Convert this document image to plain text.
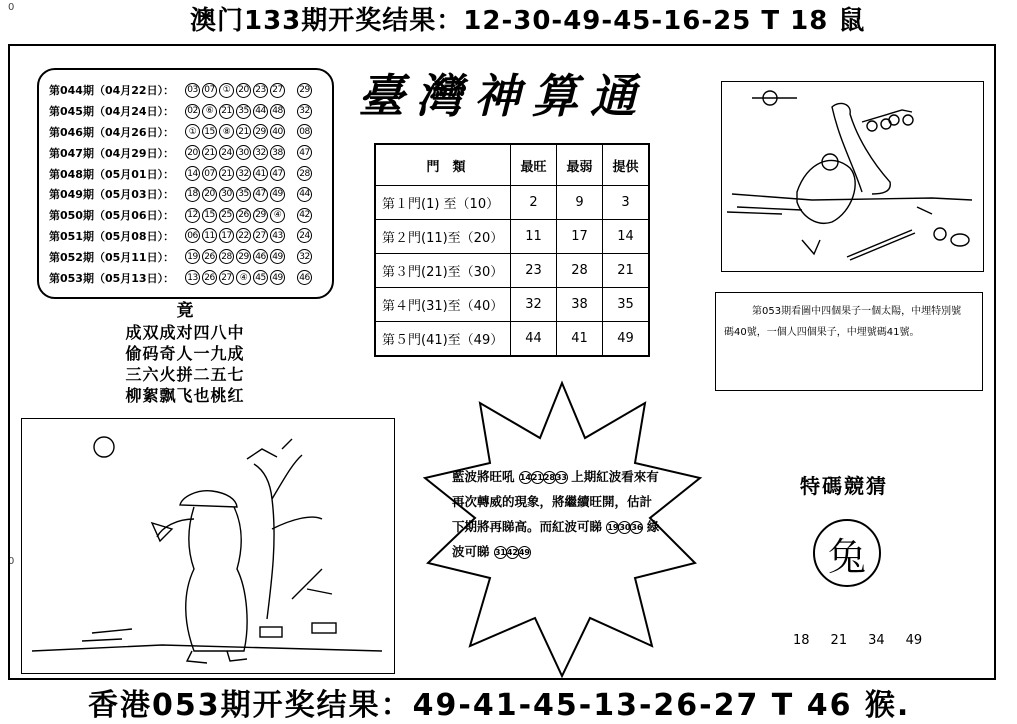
澳门133期开奖结果：12-30-49-45-16-25 T 18 鼠
0
0
第044期（04月22日）：	03 07 ① 20 23 27 29
第045期（04月24日）：	02 ⑥ 21 35 44 48 32
第046期（04月26日）：	① 15 ⑧ 21 29 40 08
第047期（04月29日）：	20 21 24 30 32 38 47
第048期（05月01日）：	14 07 21 32 41 47 28
第049期（05月03日）：	18 20 30 35 47 49 44
第050期（05月06日）：	12 15 25 26 29 ④	42
第051期（05月08日）：	06 11 17 22 27 43 24
第052期（05月11日）：	19 26 28 29 46 49 32
第053期（05月13日）：	13 26 27 ④ 45 49 46
竟
成双成对四八中
偷码奇人一九成
三六火拼二五七
柳絮飘飞也桃红
臺灣神算通
門　類	最旺	最弱	提供
第１門(1) 至（10）	2	9	3
第２門(11)至（20）	11	17	14
第３門(21)至（30）	23	28	21
第４門(31)至（40）	32	38	35
第５門(41)至（49）	44	41	49

第053期看圖中四個果子一個太陽，中埋特別號

碼40號，一個人四個果子，中埋號碼41號。
藍波將旺吼 14212833 上期紅波看來有再次轉威的現象，將繼續旺開，估計下期將再睇高。而紅波可睇 193036 綠波可睇 314249
特碼競猜
兔
18 21 34 49
香港053期开奖结果：49-41-45-13-26-27 T 46 猴.
